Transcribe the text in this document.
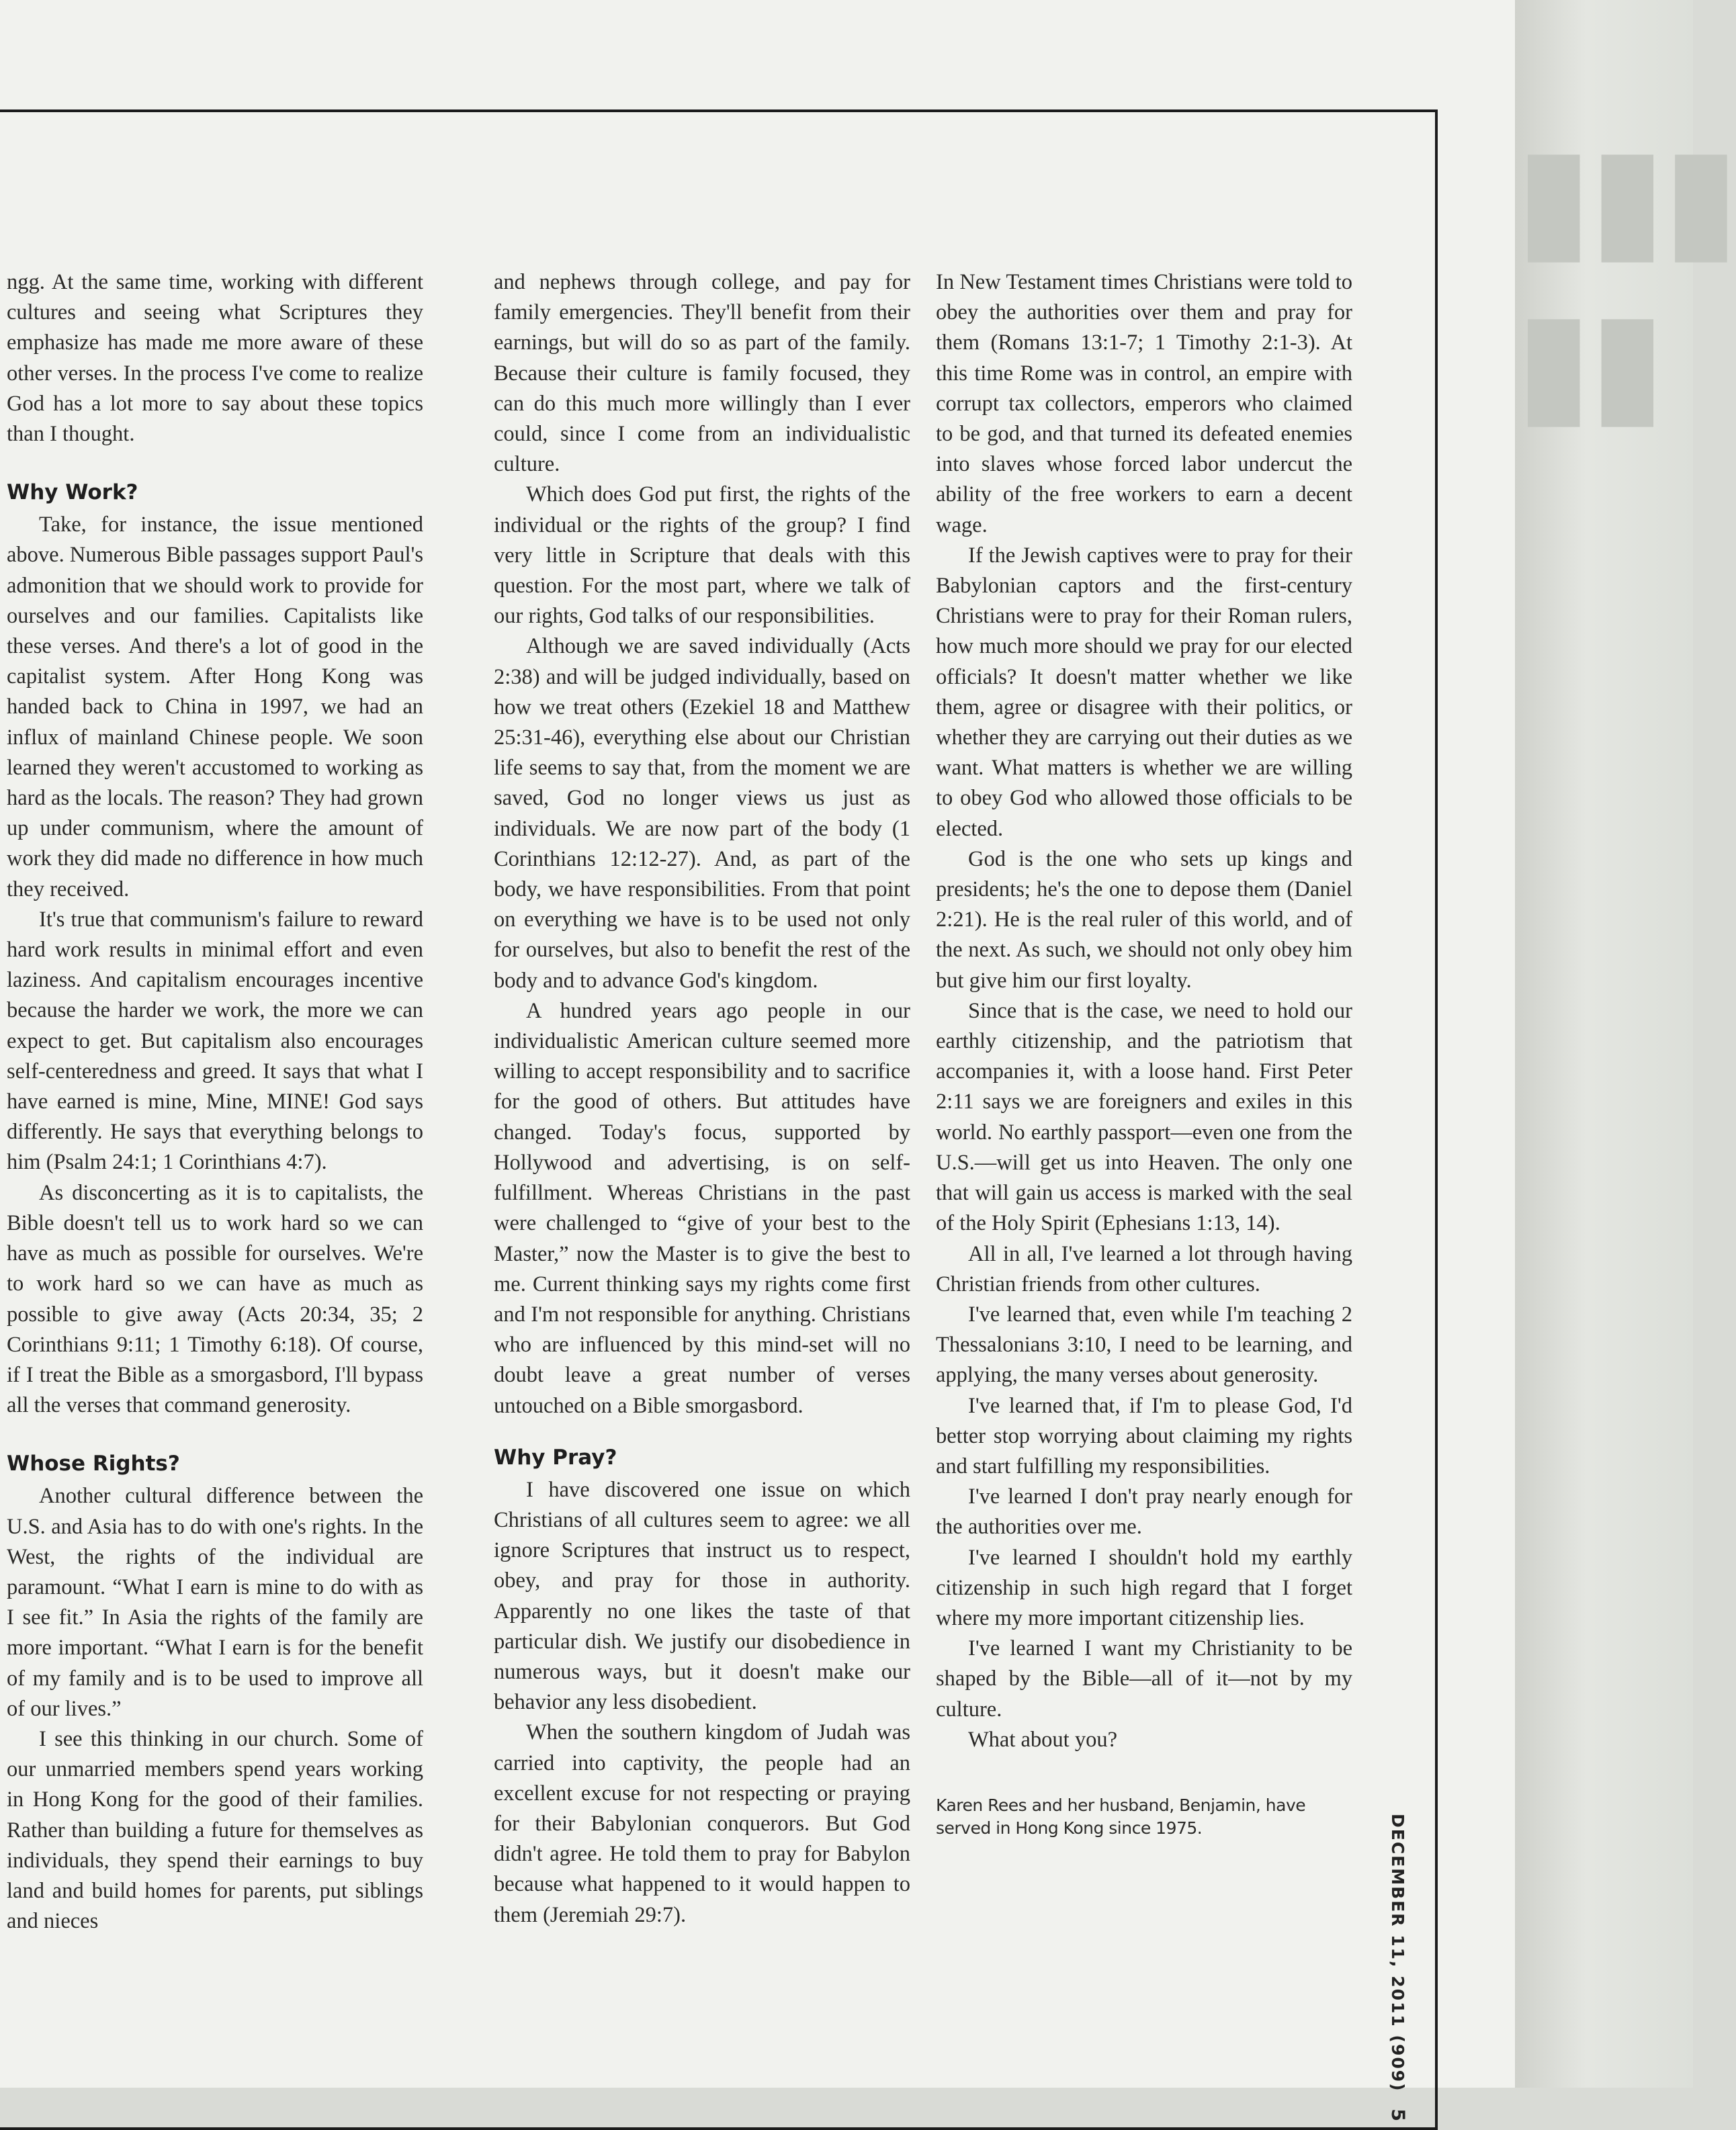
▮▮▮ ▮▮

ngg. At the same time, working with different cultures and seeing what Scriptures they emphasize has made me more aware of these other verses. In the process I've come to realize God has a lot more to say about these topics than I thought.

Why Work?

Take, for instance, the issue mentioned above. Numerous Bible passages support Paul's admonition that we should work to provide for ourselves and our families. Capitalists like these verses. And there's a lot of good in the capitalist system. After Hong Kong was handed back to China in 1997, we had an influx of mainland Chinese people. We soon learned they weren't accustomed to working as hard as the locals. The reason? They had grown up under communism, where the amount of work they did made no difference in how much they received.

It's true that communism's failure to reward hard work results in minimal effort and even laziness. And capitalism encourages incentive because the harder we work, the more we can expect to get. But capitalism also encourages self-centeredness and greed. It says that what I have earned is mine, Mine, MINE! God says differently. He says that everything belongs to him (Psalm 24:1; 1 Corinthians 4:7).

As disconcerting as it is to capitalists, the Bible doesn't tell us to work hard so we can have as much as possible for ourselves. We're to work hard so we can have as much as possible to give away (Acts 20:34, 35; 2 Corinthians 9:11; 1 Timothy 6:18). Of course, if I treat the Bible as a smorgasbord, I'll bypass all the verses that command generosity.

Whose Rights?

Another cultural difference between the U.S. and Asia has to do with one's rights. In the West, the rights of the individual are paramount. “What I earn is mine to do with as I see fit.” In Asia the rights of the family are more important. “What I earn is for the benefit of my family and is to be used to improve all of our lives.”

I see this thinking in our church. Some of our unmarried members spend years working in Hong Kong for the good of their families. Rather than building a future for themselves as individuals, they spend their earnings to buy land and build homes for parents, put siblings and nieces

and nephews through college, and pay for family emergencies. They'll benefit from their earnings, but will do so as part of the family. Because their culture is family focused, they can do this much more willingly than I ever could, since I come from an individualistic culture.

Which does God put first, the rights of the individual or the rights of the group? I find very little in Scripture that deals with this question. For the most part, where we talk of our rights, God talks of our responsibilities.

Although we are saved individually (Acts 2:38) and will be judged individually, based on how we treat others (Ezekiel 18 and Matthew 25:31-46), everything else about our Christian life seems to say that, from the moment we are saved, God no longer views us just as individuals. We are now part of the body (1 Corinthians 12:12-27). And, as part of the body, we have responsibilities. From that point on everything we have is to be used not only for ourselves, but also to benefit the rest of the body and to advance God's kingdom.

A hundred years ago people in our individualistic American culture seemed more willing to accept responsibility and to sacrifice for the good of others. But attitudes have changed. Today's focus, supported by Hollywood and advertising, is on self-fulfillment. Whereas Christians in the past were challenged to “give of your best to the Master,” now the Master is to give the best to me. Current thinking says my rights come first and I'm not responsible for anything. Christians who are influenced by this mind-set will no doubt leave a great number of verses untouched on a Bible smorgasbord.

Why Pray?

I have discovered one issue on which Christians of all cultures seem to agree: we all ignore Scriptures that instruct us to respect, obey, and pray for those in authority. Apparently no one likes the taste of that particular dish. We justify our disobedience in numerous ways, but it doesn't make our behavior any less disobedient.

When the southern kingdom of Judah was carried into captivity, the people had an excellent excuse for not respecting or praying for their Babylonian conquerors. But God didn't agree. He told them to pray for Babylon because what happened to it would happen to them (Jeremiah 29:7).

In New Testament times Christians were told to obey the authorities over them and pray for them (Romans 13:1-7; 1 Timothy 2:1-3). At this time Rome was in control, an empire with corrupt tax collectors, emperors who claimed to be god, and that turned its defeated enemies into slaves whose forced labor undercut the ability of the free workers to earn a decent wage.

If the Jewish captives were to pray for their Babylonian captors and the first-century Christians were to pray for their Roman rulers, how much more should we pray for our elected officials? It doesn't matter whether we like them, agree or disagree with their politics, or whether they are carrying out their duties as we want. What matters is whether we are willing to obey God who allowed those officials to be elected.

God is the one who sets up kings and presidents; he's the one to depose them (Daniel 2:21). He is the real ruler of this world, and of the next. As such, we should not only obey him but give him our first loyalty.

Since that is the case, we need to hold our earthly citizenship, and the patriotism that accompanies it, with a loose hand. First Peter 2:11 says we are foreigners and exiles in this world. No earthly passport—even one from the U.S.—will get us into Heaven. The only one that will gain us access is marked with the seal of the Holy Spirit (Ephesians 1:13, 14).

All in all, I've learned a lot through having Christian friends from other cultures.

I've learned that, even while I'm teaching 2 Thessalonians 3:10, I need to be learning, and applying, the many verses about generosity.

I've learned that, if I'm to please God, I'd better stop worrying about claiming my rights and start fulfilling my responsibilities.

I've learned I don't pray nearly enough for the authorities over me.

I've learned I shouldn't hold my earthly citizenship in such high regard that I forget where my more important citizenship lies.

I've learned I want my Christianity to be shaped by the Bible—all of it—not by my culture.

What about you?

Karen Rees and her husband, Benjamin, have served in Hong Kong since 1975.	DECEMBER 11, 2011 (909) 5
